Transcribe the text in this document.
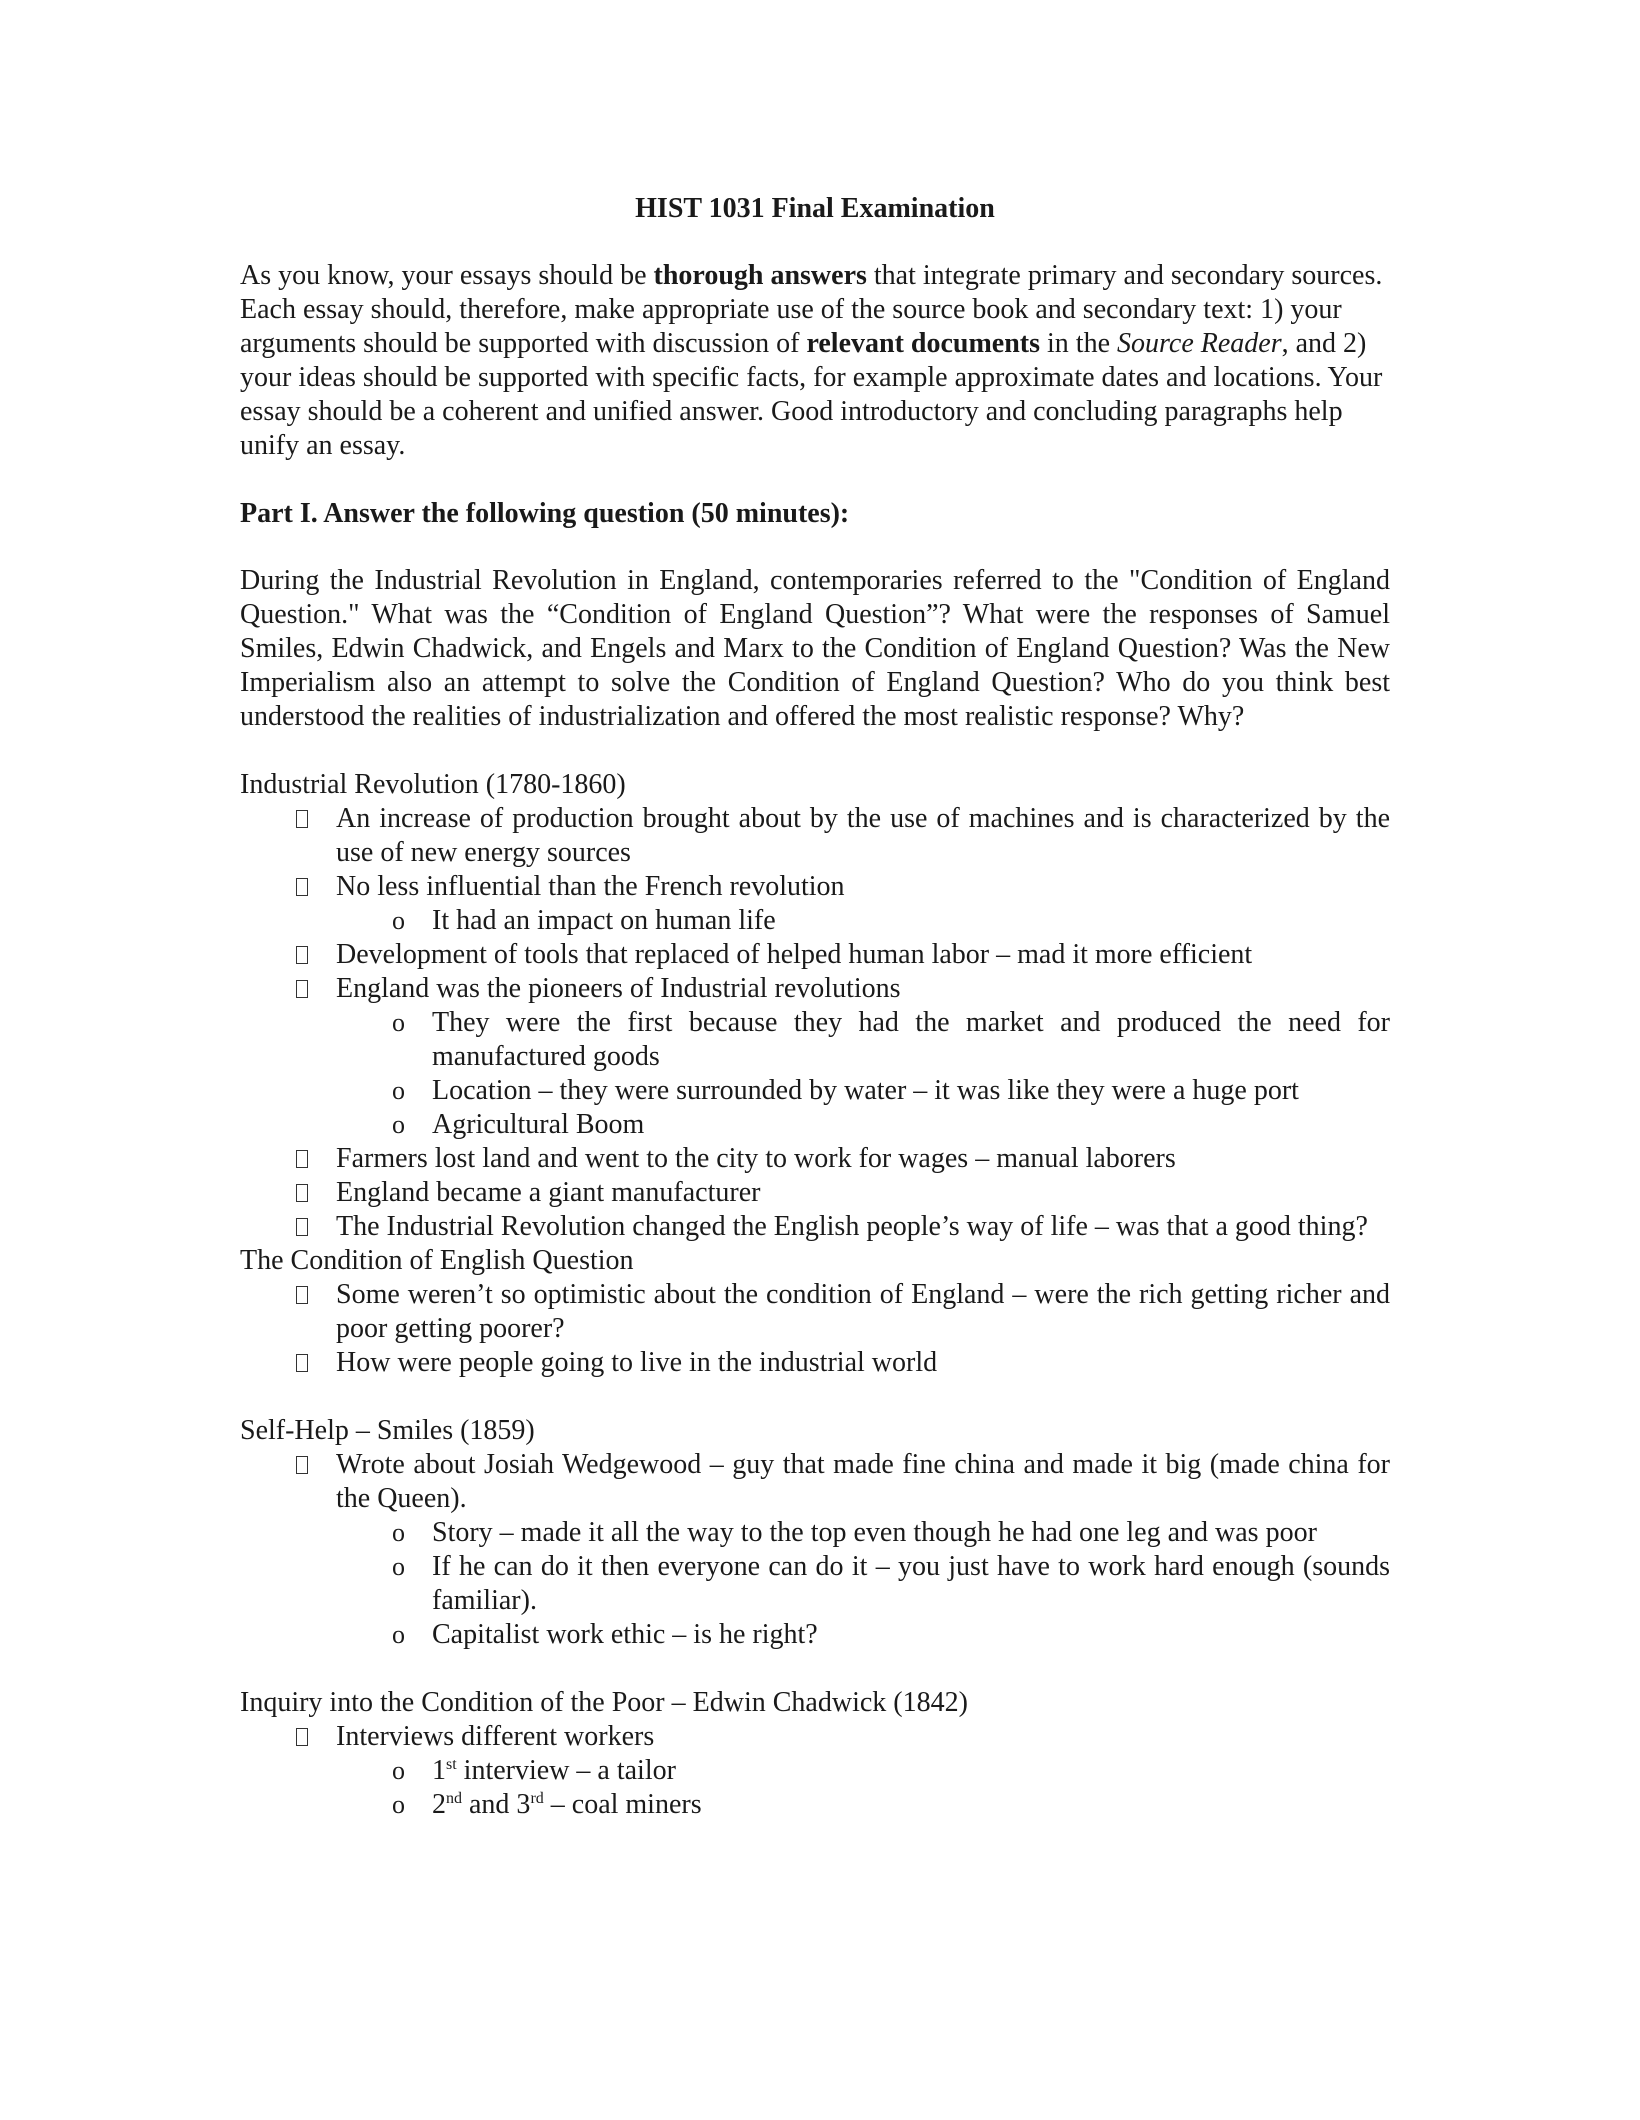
HIST 1031 Final Examination
As you know, your essays should be thorough answers that integrate primary and secondary sources. Each essay should, therefore, make appropriate use of the source book and secondary text: 1) your arguments should be supported with discussion of relevant documents in the Source Reader, and 2) your ideas should be supported with specific facts, for example approximate dates and locations. Your essay should be a coherent and unified answer. Good introductory and concluding paragraphs help unify an essay.
Part I. Answer the following question (50 minutes):
During the Industrial Revolution in England, contemporaries referred to the "Condition of England Question." What was the “Condition of England Question”? What were the responses of Samuel Smiles, Edwin Chadwick, and Engels and Marx to the Condition of England Question? Was the New Imperialism also an attempt to solve the Condition of England Question? Who do you think best understood the realities of industrialization and offered the most realistic response? Why?
Industrial Revolution (1780-1860)
An increase of production brought about by the use of machines and is characterized by the use of new energy sources
No less influential than the French revolution
o It had an impact on human life
Development of tools that replaced of helped human labor – mad it more efficient
England was the pioneers of Industrial revolutions
o They were the first because they had the market and produced the need for manufactured goods
o Location – they were surrounded by water – it was like they were a huge port
o Agricultural Boom
Farmers lost land and went to the city to work for wages – manual laborers
England became a giant manufacturer
The Industrial Revolution changed the English people’s way of life – was that a good thing?
The Condition of English Question
Some weren’t so optimistic about the condition of England – were the rich getting richer and poor getting poorer?
How were people going to live in the industrial world
Self-Help – Smiles (1859)
Wrote about Josiah Wedgewood – guy that made fine china and made it big (made china for the Queen).
o Story – made it all the way to the top even though he had one leg and was poor
o If he can do it then everyone can do it – you just have to work hard enough (sounds familiar).
o Capitalist work ethic – is he right?
Inquiry into the Condition of the Poor – Edwin Chadwick (1842)
Interviews different workers
o 1st interview – a tailor
o 2nd and 3rd – coal miners
